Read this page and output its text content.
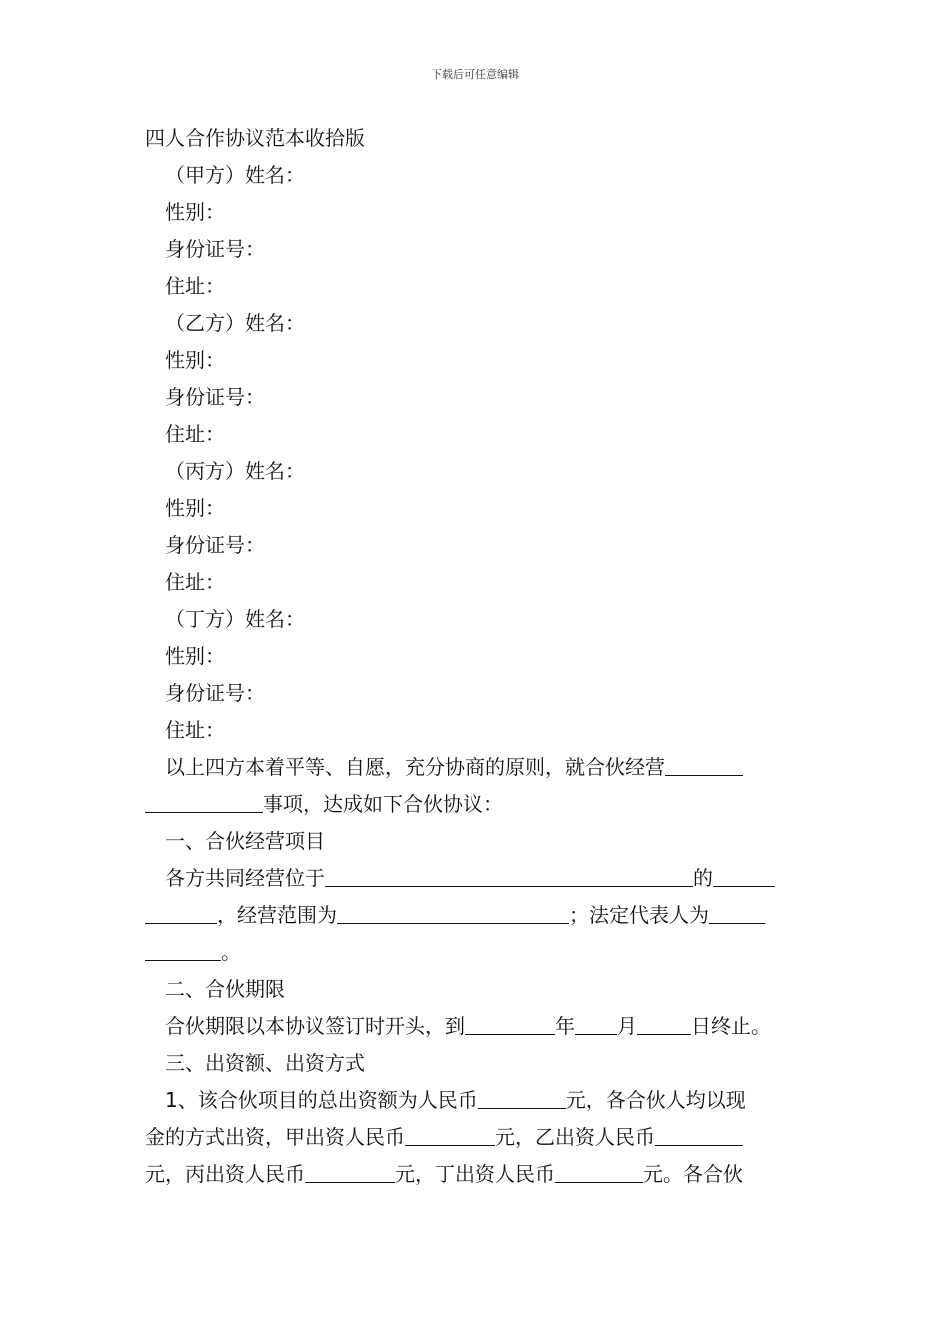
下载后可任意编辑
四人合作协议范本收拾版
（甲方）姓名：
性别：
身份证号：
住址：
（乙方）姓名：
性别：
身份证号：
住址：
（丙方）姓名：
性别：
身份证号：
住址：
（丁方）姓名：
性别：
身份证号：
住址：
以上四方本着平等、自愿，充分协商的原则，就合伙经营
事项，达成如下合伙协议：
一、合伙经营项目
各方共同经营位于	的
，经营范围为	；法定代表人为
。
二、合伙期限
合伙期限以本协议签订时开头，到	年 月	日终止。
三、出资额、出资方式
1、该合伙项目的总出资额为人民币	元，各合伙人均以现
金的方式出资，甲出资人民币	元，乙出资人民币
元，丙出资人民币	元，丁出资人民币	元。各合伙
